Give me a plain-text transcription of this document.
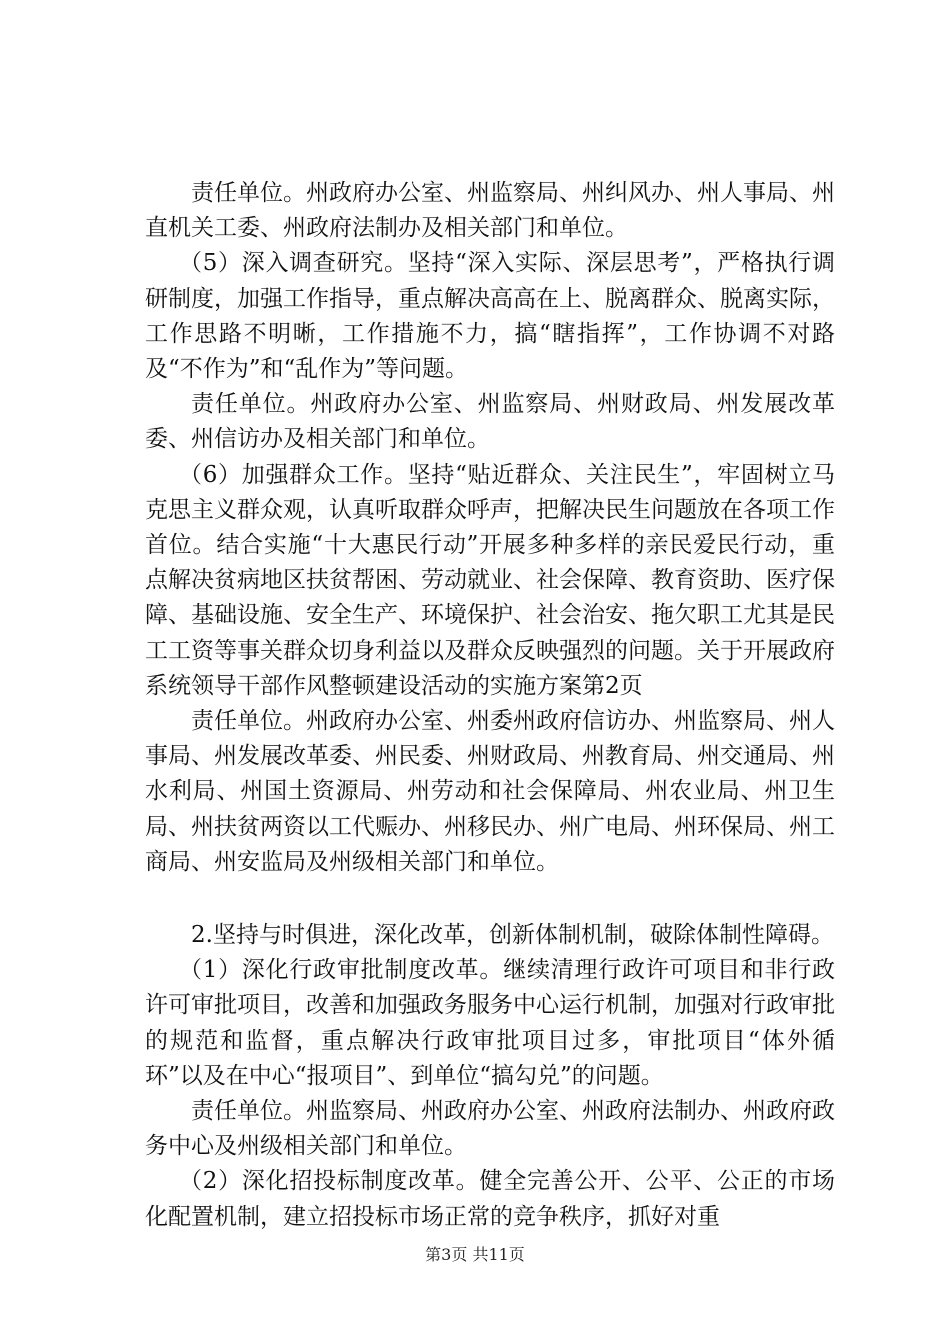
责任单位。州政府办公室、州监察局、州纠风办、州人事局、州直机关工委、州政府法制办及相关部门和单位。

（5）深入调查研究。坚持“深入实际、深层思考”，严格执行调研制度，加强工作指导，重点解决高高在上、脱离群众、脱离实际，工作思路不明晰，工作措施不力，搞“瞎指挥”，工作协调不对路及“不作为”和“乱作为”等问题。

责任单位。州政府办公室、州监察局、州财政局、州发展改革委、州信访办及相关部门和单位。

（6）加强群众工作。坚持“贴近群众、关注民生”，牢固树立马克思主义群众观，认真听取群众呼声，把解决民生问题放在各项工作首位。结合实施“十大惠民行动”开展多种多样的亲民爱民行动，重点解决贫病地区扶贫帮困、劳动就业、社会保障、教育资助、医疗保障、基础设施、安全生产、环境保护、社会治安、拖欠职工尤其是民工工资等事关群众切身利益以及群众反映强烈的问题。关于开展政府系统领导干部作风整顿建设活动的实施方案第2页

责任单位。州政府办公室、州委州政府信访办、州监察局、州人事局、州发展改革委、州民委、州财政局、州教育局、州交通局、州水利局、州国土资源局、州劳动和社会保障局、州农业局、州卫生局、州扶贫两资以工代赈办、州移民办、州广电局、州环保局、州工商局、州安监局及州级相关部门和单位。

2.坚持与时俱进，深化改革，创新体制机制，破除体制性障碍。

（1）深化行政审批制度改革。继续清理行政许可项目和非行政许可审批项目，改善和加强政务服务中心运行机制，加强对行政审批的规范和监督，重点解决行政审批项目过多，审批项目“体外循环”以及在中心“报项目”、到单位“搞勾兑”的问题。

责任单位。州监察局、州政府办公室、州政府法制办、州政府政务中心及州级相关部门和单位。

（2）深化招投标制度改革。健全完善公开、公平、公正的市场化配置机制，建立招投标市场正常的竞争秩序，抓好对重

第3页 共11页
